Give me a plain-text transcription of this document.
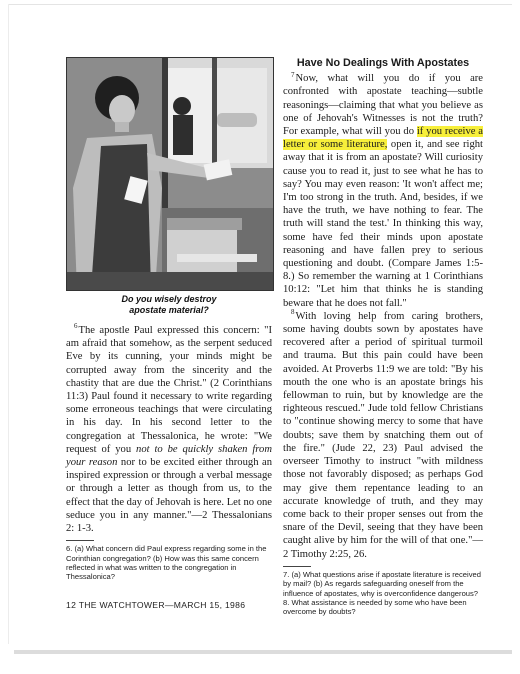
Do you wisely destroy
apostate material?

$^6$The apostle Paul expressed this concern: "I am afraid that somehow, as the serpent seduced Eve by its cunning, your minds might be corrupted away from the sincerity and the chastity that are due the Christ." (2 Corinthians 11:3) Paul found it necessary to write regarding some erroneous teachings that were circulating in his day. In his second letter to the congregation at Thessalonica, he wrote: "We request of you not to be quickly shaken from your reason nor to be excited either through an inspired expression or through a verbal message or through a letter as though from us, to the effect that the day of Jehovah is here. Let no one seduce you in any manner."—2 Thessalonians 2: 1-3.

6. (a) What concern did Paul express regarding some in the Corinthian congregation? (b) How was this same concern reflected in what was written to the congregation in Thessalonica?

Have No Dealings With Apostates

$^7$Now, what will you do if you are confronted with apostate teaching—subtle reasonings—claiming that what you believe as one of Jehovah's Witnesses is not the truth? For example, what will you do if you receive a letter or some literature, open it, and see right away that it is from an apostate? Will curiosity cause you to read it, just to see what he has to say? You may even reason: 'It won't affect me; I'm too strong in the truth. And, besides, if we have the truth, we have nothing to fear. The truth will stand the test.' In thinking this way, some have fed their minds upon apostate reasoning and have fallen prey to serious questioning and doubt. (Compare James 1:5-8.) So remember the warning at 1 Corinthians 10:12: "Let him that thinks he is standing beware that he does not fall."

$^8$With loving help from caring brothers, some having doubts sown by apostates have recovered after a period of spiritual turmoil and trauma. But this pain could have been avoided. At Proverbs 11:9 we are told: "By his mouth the one who is an apostate brings his fellowman to ruin, but by knowledge are the righteous rescued." Jude told fellow Christians to "continue showing mercy to some that have doubts; save them by snatching them out of the fire." (Jude 22, 23) Paul advised the overseer Timothy to instruct "with mildness those not favorably disposed; as perhaps God may give them repentance leading to an accurate knowledge of truth, and they may come back to their proper senses out from the snare of the Devil, seeing that they have been caught alive by him for the will of that one."—2 Timothy 2:25, 26.

7. (a) What questions arise if apostate literature is received by mail? (b) As regards safeguarding oneself from the influence of apostates, why is overconfidence dangerous?

8. What assistance is needed by some who have been overcome by doubts?

12 THE WATCHTOWER—MARCH 15, 1986
